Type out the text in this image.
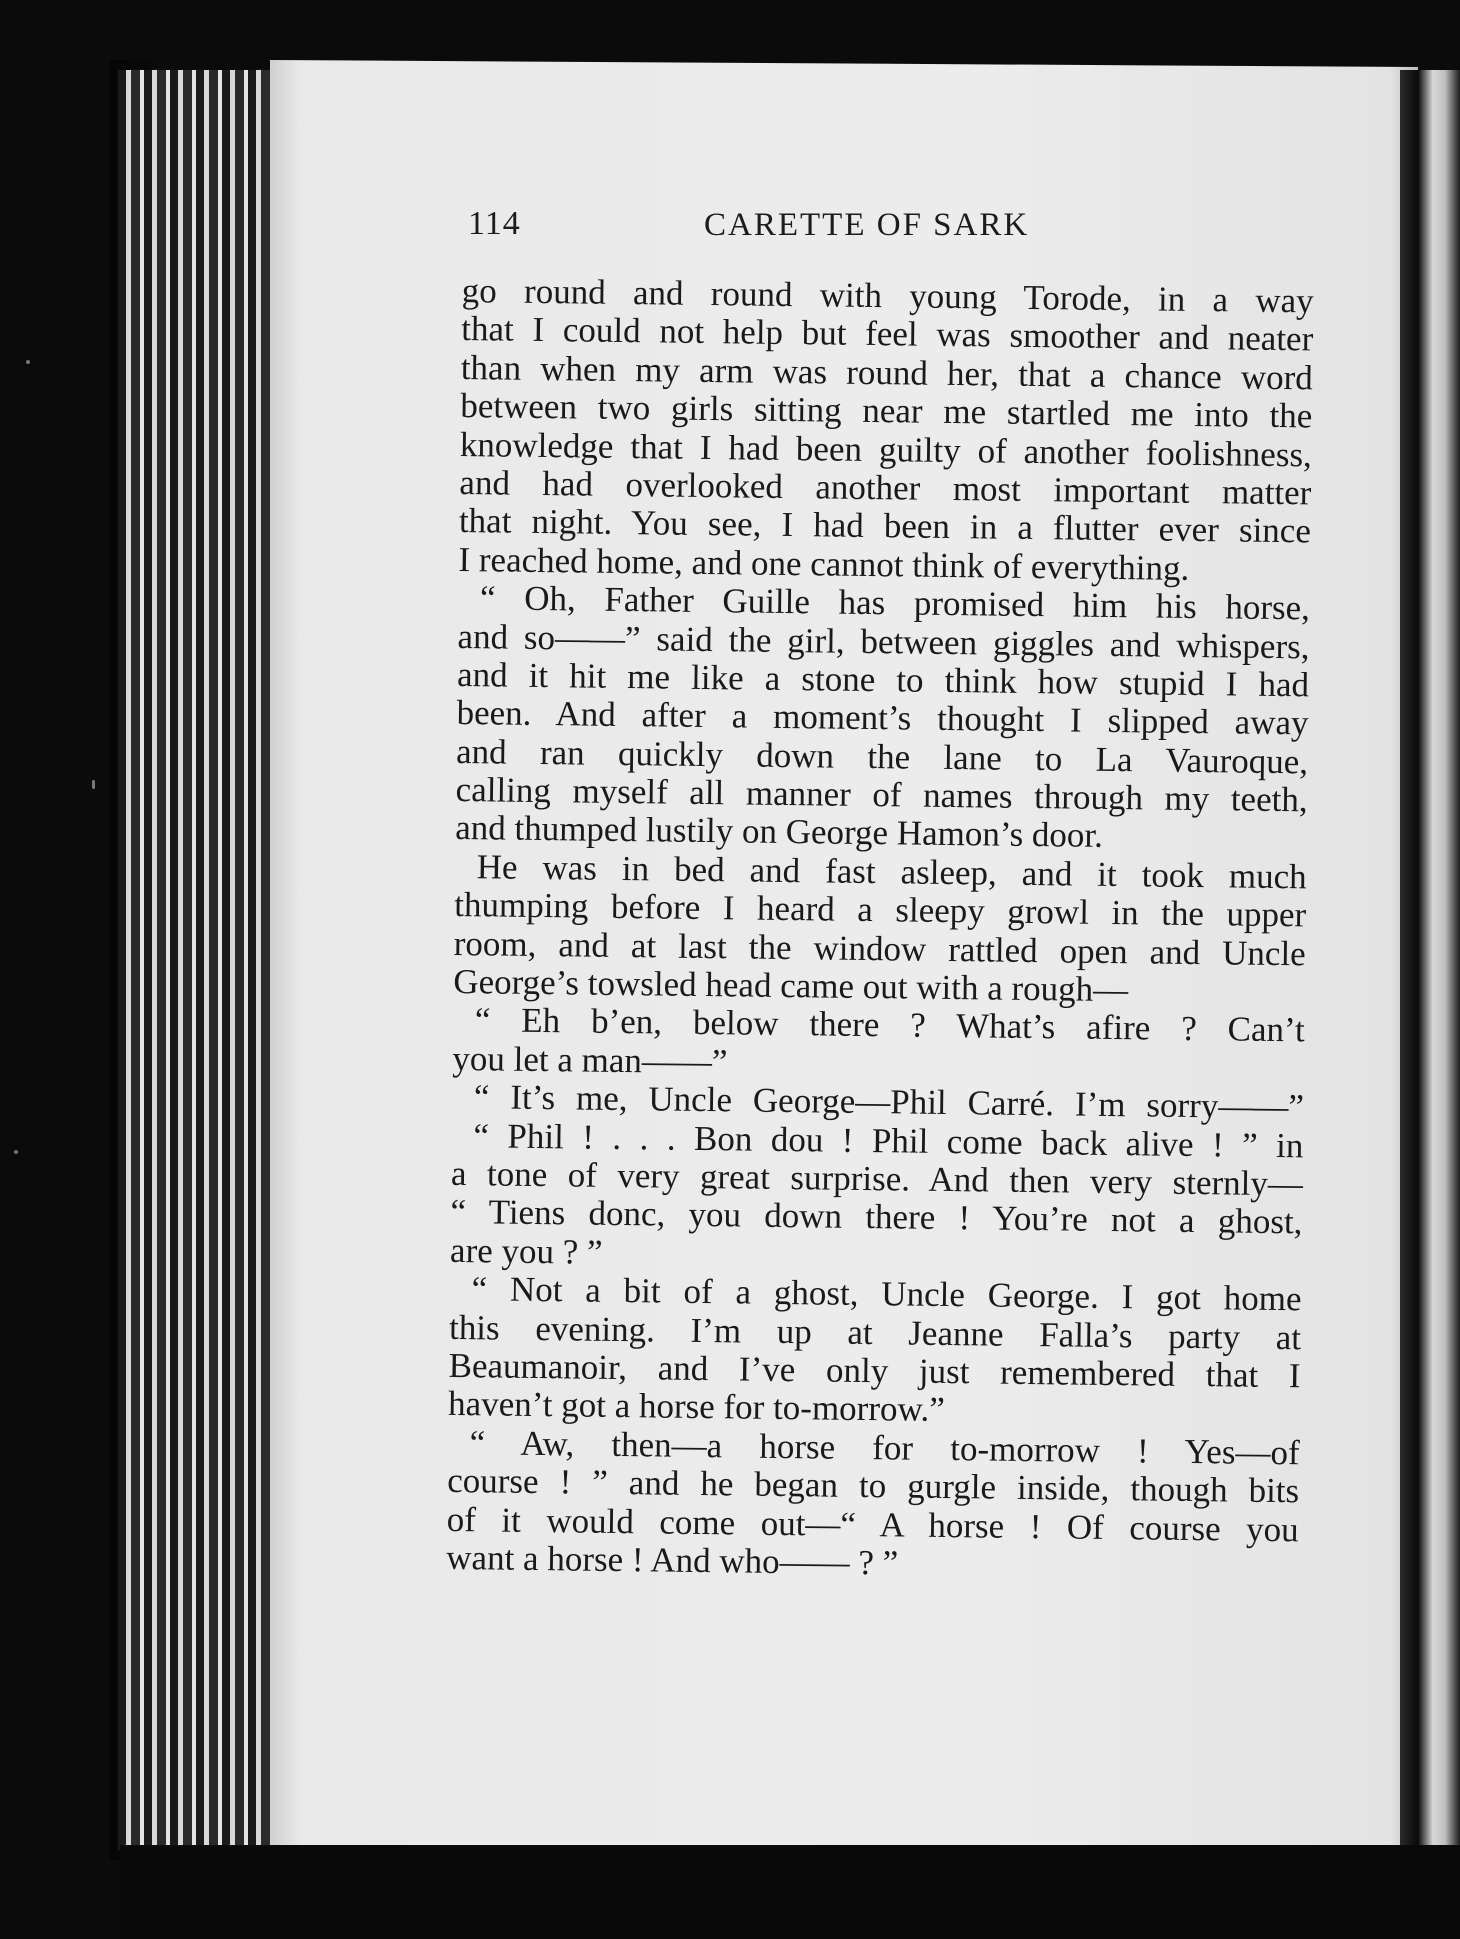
114	CARETTE OF SARK
go round and round with young Torode, in a way
that I could not help but feel was smoother and neater
than when my arm was round her, that a chance word
between two girls sitting near me startled me into the
knowledge that I had been guilty of another foolishness,
and had overlooked another most important matter
that night. You see, I had been in a flutter ever since
I reached home, and one cannot think of everything.
“ Oh, Father Guille has promised him his horse,
and so——” said the girl, between giggles and whispers,
and it hit me like a stone to think how stupid I had
been. And after a moment’s thought I slipped away
and ran quickly down the lane to La Vauroque,
calling myself all manner of names through my teeth,
and thumped lustily on George Hamon’s door.
He was in bed and fast asleep, and it took much
thumping before I heard a sleepy growl in the upper
room, and at last the window rattled open and Uncle
George’s towsled head came out with a rough—
“ Eh b’en, below there ? What’s afire ? Can’t
you let a man——”
“ It’s me, Uncle George—Phil Carré. I’m sorry——”
“ Phil ! . . . Bon dou ! Phil come back alive ! ” in
a tone of very great surprise. And then very sternly—
“ Tiens donc, you down there ! You’re not a ghost,
are you ? ”
“ Not a bit of a ghost, Uncle George. I got home
this evening. I’m up at Jeanne Falla’s party at
Beaumanoir, and I’ve only just remembered that I
haven’t got a horse for to-morrow.”
“ Aw, then—a horse for to-morrow ! Yes—of
course ! ” and he began to gurgle inside, though bits
of it would come out—“ A horse ! Of course you
want a horse ! And who—— ? ”
